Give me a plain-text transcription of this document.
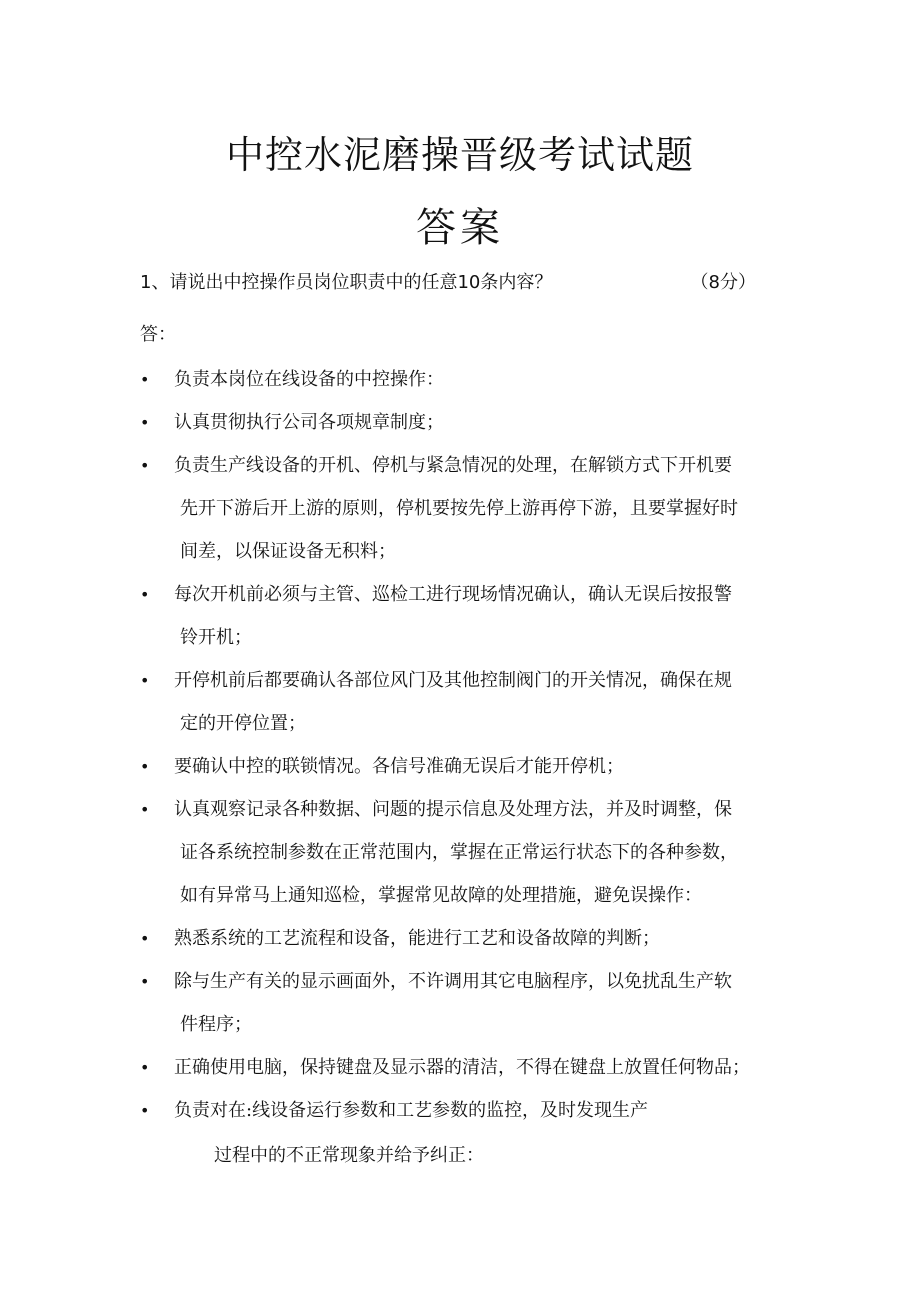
中控水泥磨操晋级考试试题
答案
1、请说出中控操作员岗位职责中的任意10条内容？	（8分）
答：
• 负责本岗位在线设备的中控操作：
• 认真贯彻执行公司各项规章制度；
• 负责生产线设备的开机、停机与紧急情况的处理，在解锁方式下开机要
先开下游后开上游的原则，停机要按先停上游再停下游，且要掌握好时
间差，以保证设备无积料；
• 每次开机前必须与主管、巡检工进行现场情况确认，确认无误后按报警
铃开机；
• 开停机前后都要确认各部位风门及其他控制阀门的开关情况，确保在规
定的开停位置；
• 要确认中控的联锁情况。各信号准确无误后才能开停机；
• 认真观察记录各种数据、问题的提示信息及处理方法，并及时调整，保
证各系统控制参数在正常范围内，掌握在正常运行状态下的各种参数，
如有异常马上通知巡检，掌握常见故障的处理措施，避免误操作：
• 熟悉系统的工艺流程和设备，能进行工艺和设备故障的判断；
• 除与生产有关的显示画面外，不许调用其它电脑程序，以免扰乱生产软
件程序；
• 正确使用电脑，保持键盘及显示器的清洁，不得在键盘上放置任何物品；
• 负责对在:线设备运行参数和工艺参数的监控，及时发现生产
过程中的不正常现象并给予纠正：
